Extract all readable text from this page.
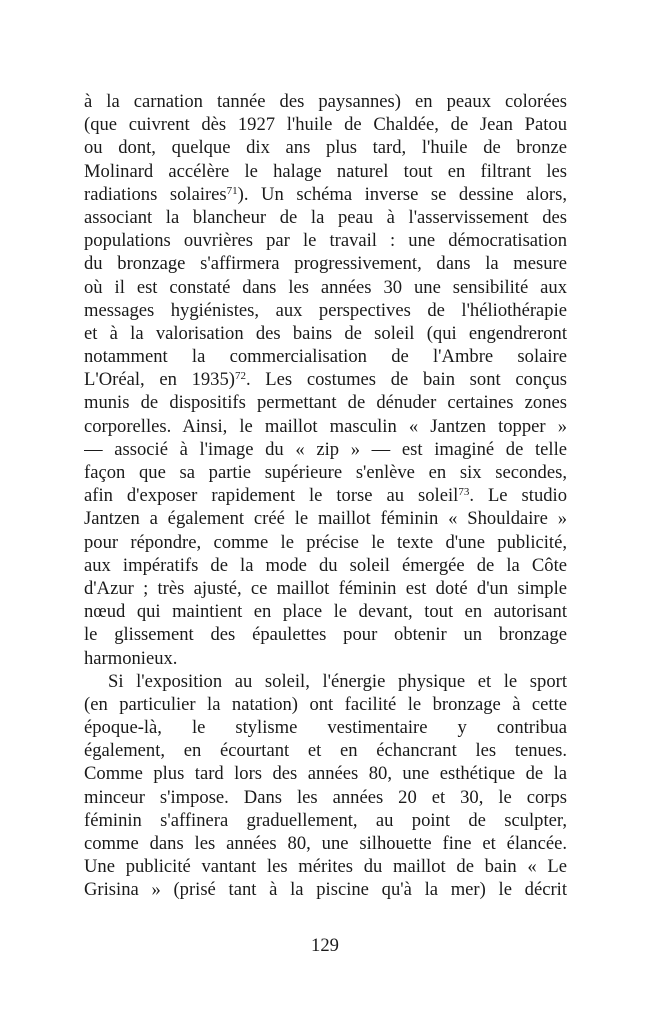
à la carnation tannée des paysannes) en peaux colorées
(que cuivrent dès 1927 l'huile de Chaldée, de Jean Patou
ou dont, quelque dix ans plus tard, l'huile de bronze
Molinard accélère le halage naturel tout en filtrant les
radiations solaires$^{71}$). Un schéma inverse se dessine alors,
associant la blancheur de la peau à l'asservissement des
populations ouvrières par le travail : une démocratisation
du bronzage s'affirmera progressivement, dans la mesure
où il est constaté dans les années 30 une sensibilité aux
messages hygiénistes, aux perspectives de l'héliothérapie
et à la valorisation des bains de soleil (qui engendreront
notamment la commercialisation de l'Ambre solaire
L'Oréal, en 1935)$^{72}$. Les costumes de bain sont conçus
munis de dispositifs permettant de dénuder certaines zones
corporelles. Ainsi, le maillot masculin « Jantzen topper »
— associé à l'image du « zip » — est imaginé de telle
façon que sa partie supérieure s'enlève en six secondes,
afin d'exposer rapidement le torse au soleil$^{73}$. Le studio
Jantzen a également créé le maillot féminin « Shouldaire »
pour répondre, comme le précise le texte d'une publicité,
aux impératifs de la mode du soleil émergée de la Côte
d'Azur ; très ajusté, ce maillot féminin est doté d'un simple
nœud qui maintient en place le devant, tout en autorisant
le glissement des épaulettes pour obtenir un bronzage
harmonieux.
Si l'exposition au soleil, l'énergie physique et le sport
(en particulier la natation) ont facilité le bronzage à cette
époque-là, le stylisme vestimentaire y contribua
également, en écourtant et en échancrant les tenues.
Comme plus tard lors des années 80, une esthétique de la
minceur s'impose. Dans les années 20 et 30, le corps
féminin s'affinera graduellement, au point de sculpter,
comme dans les années 80, une silhouette fine et élancée.
Une publicité vantant les mérites du maillot de bain « Le
Grisina » (prisé tant à la piscine qu'à la mer) le décrit
129
